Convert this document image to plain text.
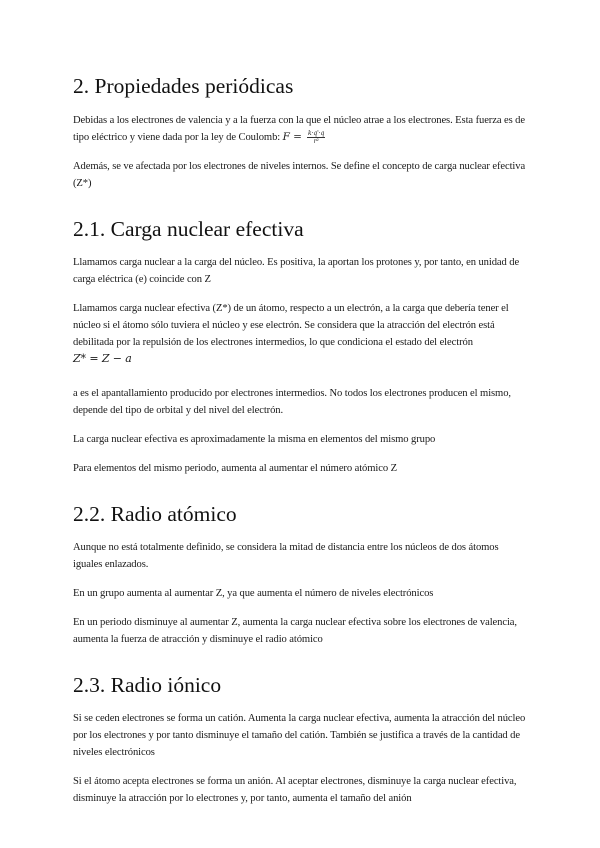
2. Propiedades periódicas

Debidas a los electrones de valencia y a la fuerza con la que el núcleo atrae a los electrones. Esta fuerza es de tipo eléctrico y viene dada por la ley de Coulomb: $F = \frac{k\cdot q'\cdot q}{\text{r²}}$

Además, se ve afectada por los electrones de niveles internos. Se define el concepto de carga nuclear efectiva (Z*)

2.1. Carga nuclear efectiva

Llamamos carga nuclear a la carga del núcleo. Es positiva, la aportan los protones y, por tanto, en unidad de carga eléctrica (e) coincide con Z

Llamamos carga nuclear efectiva (Z*) de un átomo, respecto a un electrón, a la carga que debería tener el núcleo si el átomo sólo tuviera el núcleo y ese electrón. Se considera que la atracción del electrón está debilitada por la repulsión de los electrones intermedios, lo que condiciona el estado del electrón

Z* = Z − a

a es el apantallamiento producido por electrones intermedios. No todos los electrones producen el mismo, depende del tipo de orbital y del nivel del electrón.

La carga nuclear efectiva es aproximadamente la misma en elementos del mismo grupo

Para elementos del mismo periodo, aumenta al aumentar el número atómico Z

2.2. Radio atómico

Aunque no está totalmente definido, se considera la mitad de distancia entre los núcleos de dos átomos iguales enlazados.

En un grupo aumenta al aumentar Z, ya que aumenta el número de niveles electrónicos

En un periodo disminuye al aumentar Z, aumenta la carga nuclear efectiva sobre los electrones de valencia, aumenta la fuerza de atracción y disminuye el radio atómico

2.3. Radio iónico

Si se ceden electrones se forma un catión. Aumenta la carga nuclear efectiva, aumenta la atracción del núcleo por los electrones y por tanto disminuye el tamaño del catión. También se justifica a través de la cantidad de niveles electrónicos

Si el átomo acepta electrones se forma un anión. Al aceptar electrones, disminuye la carga nuclear efectiva, disminuye la atracción por lo electrones y, por tanto, aumenta el tamaño del anión
